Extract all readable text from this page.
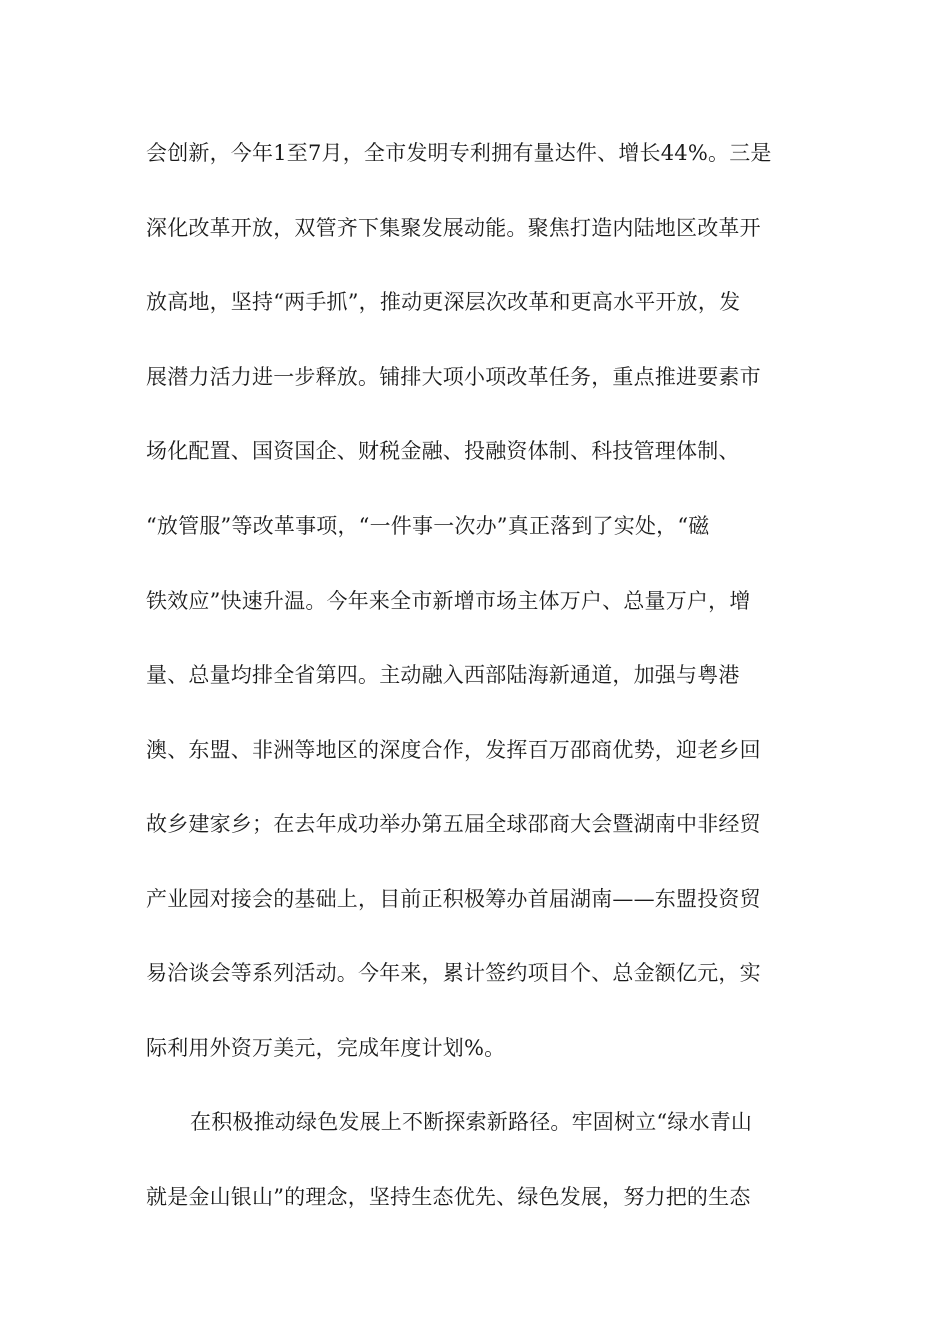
会创新，今年1至7月，全市发明专利拥有量达件、增长44%。三是
深化改革开放，双管齐下集聚发展动能。聚焦打造内陆地区改革开
放高地，坚持“两手抓”，推动更深层次改革和更高水平开放，发
展潜力活力进一步释放。铺排大项小项改革任务，重点推进要素市
场化配置、国资国企、财税金融、投融资体制、科技管理体制、
“放管服”等改革事项，“一件事一次办”真正落到了实处，“磁
铁效应”快速升温。今年来全市新增市场主体万户、总量万户，增
量、总量均排全省第四。主动融入西部陆海新通道，加强与粤港
澳、东盟、非洲等地区的深度合作，发挥百万邵商优势，迎老乡回
故乡建家乡；在去年成功举办第五届全球邵商大会暨湖南中非经贸
产业园对接会的基础上，目前正积极筹办首届湖南——东盟投资贸
易洽谈会等系列活动。今年来，累计签约项目个、总金额亿元，实
际利用外资万美元，完成年度计划%。
在积极推动绿色发展上不断探索新路径。牢固树立“绿水青山
就是金山银山”的理念，坚持生态优先、绿色发展，努力把的生态
